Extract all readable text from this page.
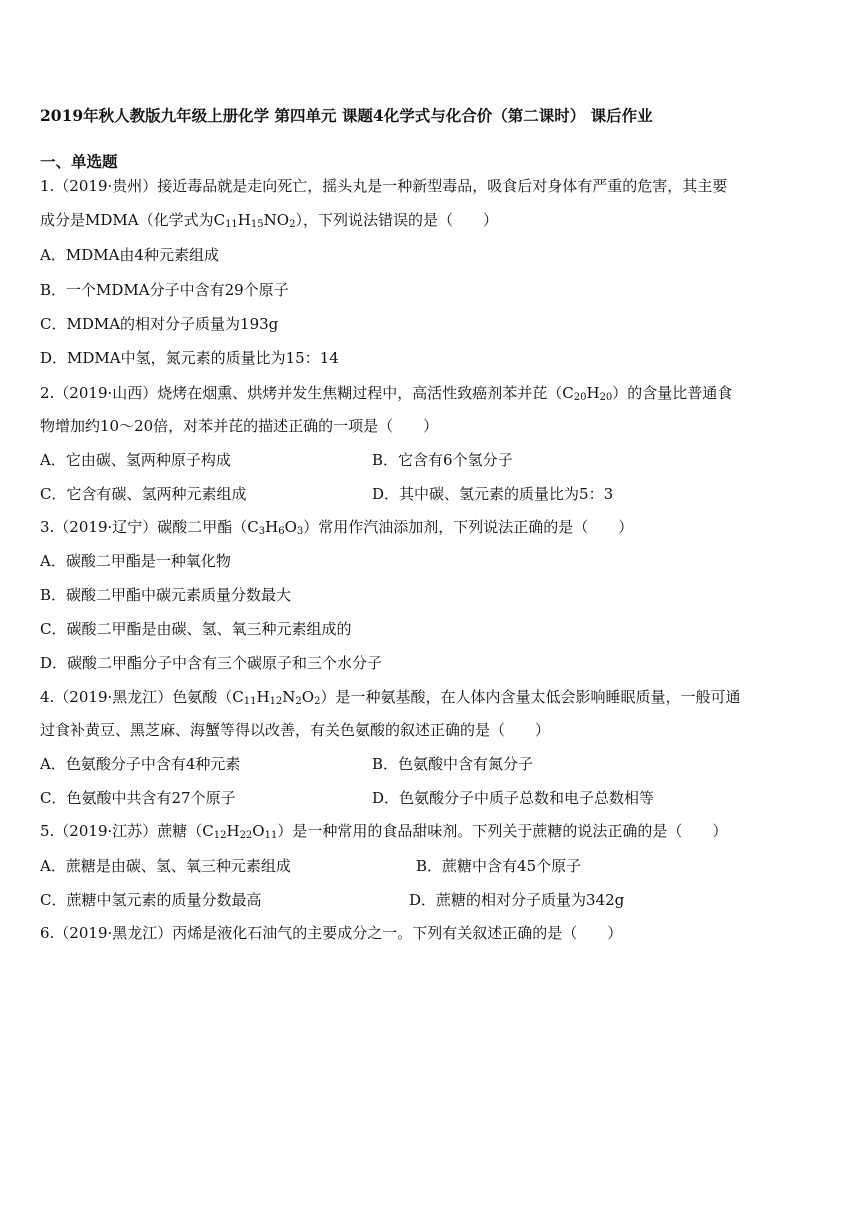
2019年秋人教版九年级上册化学 第四单元 课题4化学式与化合价（第二课时） 课后作业
一、单选题
1.（2019·贵州）接近毒品就是走向死亡，摇头丸是一种新型毒品，吸食后对身体有严重的危害，其主要
成分是MDMA（化学式为$C_{11}H_{15}NO_2$），下列说法错误的是（　　）
A．MDMA由4种元素组成
B．一个MDMA分子中含有29个原子
C．MDMA的相对分子质量为193g
D．MDMA中氢，氮元素的质量比为15：14
2.（2019·山西）烧烤在烟熏、烘烤并发生焦糊过程中，高活性致癌剂苯并芘$(C_{20}H_{20})$的含量比普通食
物增加约10～20倍，对苯并芘的描述正确的一项是（　　）
A．它由碳、氢两种原子构成	B．它含有6个氢分子
C．它含有碳、氢两种元素组成	D．其中碳、氢元素的质量比为5：3
3.（2019·辽宁）碳酸二甲酯$(C_3H_6O_3)$常用作汽油添加剂，下列说法正确的是（　　）
A．碳酸二甲酯是一种氧化物
B．碳酸二甲酯中碳元素质量分数最大
C．碳酸二甲酯是由碳、氢、氧三种元素组成的
D．碳酸二甲酯分子中含有三个碳原子和三个水分子
4.（2019·黑龙江）色氨酸$(C_{11}H_{12}N_2O_2)$是一种氨基酸，在人体内含量太低会影响睡眠质量，一般可通
过食补黄豆、黑芝麻、海蟹等得以改善，有关色氨酸的叙述正确的是（　　）
A．色氨酸分子中含有4种元素	B．色氨酸中含有氮分子
C．色氨酸中共含有27个原子	D．色氨酸分子中质子总数和电子总数相等
5.（2019·江苏）蔗糖$(C_{12}H_{22}O_{11})$是一种常用的食品甜味剂。下列关于蔗糖的说法正确的是（　　）
A．蔗糖是由碳、氢、氧三种元素组成	B．蔗糖中含有45个原子
C．蔗糖中氢元素的质量分数最高	D．蔗糖的相对分子质量为342g
6.（2019·黑龙江）丙烯是液化石油气的主要成分之一。下列有关叙述正确的是（　　）
